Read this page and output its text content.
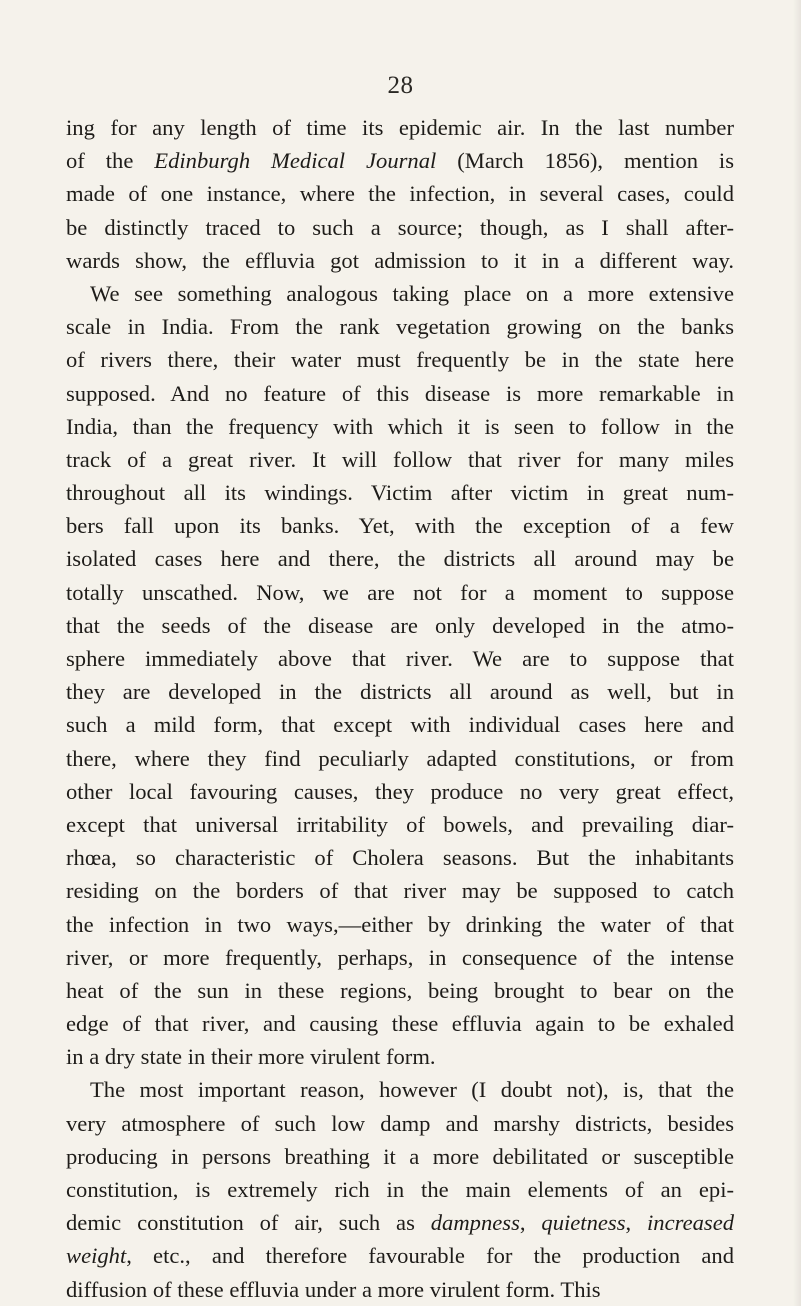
28
ing for any length of time its epidemic air. In the last number
of the Edinburgh Medical Journal (March 1856), mention is
made of one instance, where the infection, in several cases, could
be distinctly traced to such a source; though, as I shall after-
wards show, the effluvia got admission to it in a different way.
We see something analogous taking place on a more extensive
scale in India. From the rank vegetation growing on the banks
of rivers there, their water must frequently be in the state here
supposed. And no feature of this disease is more remarkable in
India, than the frequency with which it is seen to follow in the
track of a great river. It will follow that river for many miles
throughout all its windings. Victim after victim in great num-
bers fall upon its banks. Yet, with the exception of a few
isolated cases here and there, the districts all around may be
totally unscathed. Now, we are not for a moment to suppose
that the seeds of the disease are only developed in the atmo-
sphere immediately above that river. We are to suppose that
they are developed in the districts all around as well, but in
such a mild form, that except with individual cases here and
there, where they find peculiarly adapted constitutions, or from
other local favouring causes, they produce no very great effect,
except that universal irritability of bowels, and prevailing diar-
rhœa, so characteristic of Cholera seasons. But the inhabitants
residing on the borders of that river may be supposed to catch
the infection in two ways,—either by drinking the water of that
river, or more frequently, perhaps, in consequence of the intense
heat of the sun in these regions, being brought to bear on the
edge of that river, and causing these effluvia again to be exhaled
in a dry state in their more virulent form.
The most important reason, however (I doubt not), is, that the
very atmosphere of such low damp and marshy districts, besides
producing in persons breathing it a more debilitated or susceptible
constitution, is extremely rich in the main elements of an epi-
demic constitution of air, such as dampness, quietness, increased
weight, etc., and therefore favourable for the production and
diffusion of these effluvia under a more virulent form. This
